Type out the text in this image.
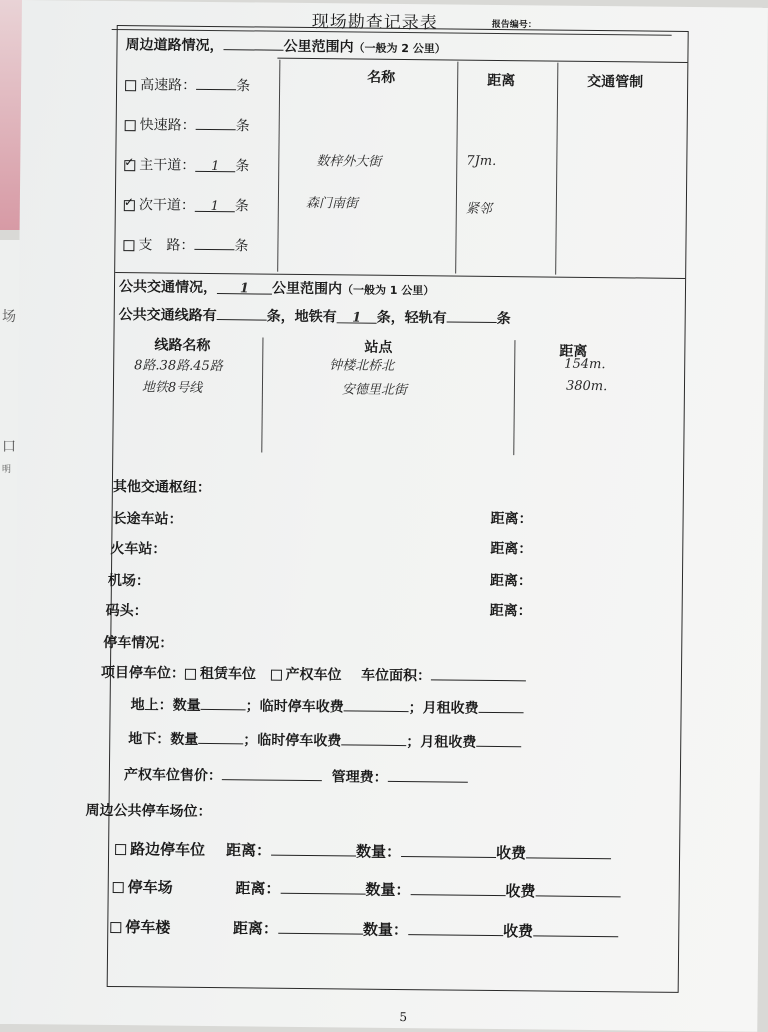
场
口
明
现场勘查记录表	报告编号：
周边道路情况，	公里范围内（一般为 2 公里）
名称	距离	交通管制
高速路：	条
快速路：	条
✓主干道： 1 条	数梓外大街	7Jm.
✓次干道： 1 条	森门南街	紧邻
支　路：	条
公共交通情况， 1 公里范围内（一般为 1 公里）
公共交通线路有	条，地铁有 1 条，轻轨有	条
线路名称	站点	距离
8路.38路.45路	钟楼北桥北	154m.
地铁8号线	安德里北街	380m.
其他交通枢纽：
长途车站：	距离：
火车站：	距离：
机场：	距离：
码头：	距离：
停车情况：
项目停车位： 租赁车位 产权车位 车位面积：
地上：数量	；临时停车收费	；月租收费
地下：数量	；临时停车收费	；月租收费
产权车位售价：	管理费：
周边公共停车场位：
路边停车位 距离：	数量：	收费
停车场	距离：	数量：	收费
停车楼	距离：	数量：	收费
5
